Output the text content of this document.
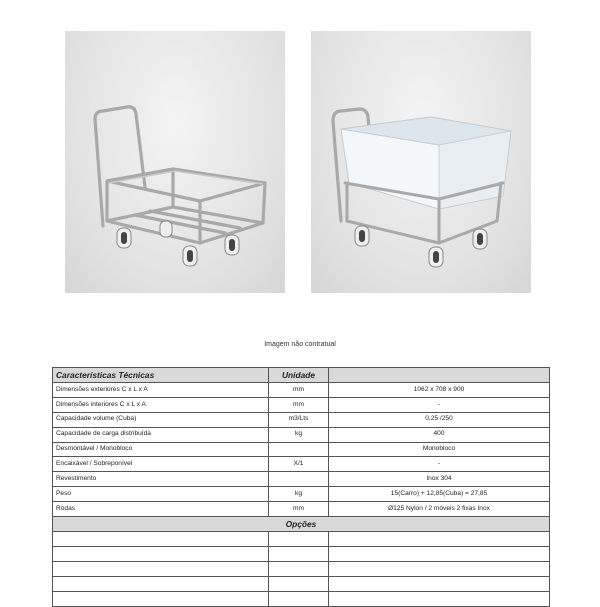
Imagem não contratual
Características Técnicas	Unidade	
Dimensões exteriores C x L x A	mm	1062 x 708 x 900
Dimensões interiores C x L x A	mm	-
Capacidade volume (Cuba)	m3/Lts	0,25 /250
Capacidade de carga distribuída	kg	400
Desmontável / Monobloco		Monobloco
Encaixável / Sobreponível	X/1	-
Revestimento		Inox 304
Peso	kg	15(Carro) + 12,85(Cuba) = 27,85
Rodas	mm	Ø125 Nylon / 2 móveis 2 fixas Inox
Opções		
